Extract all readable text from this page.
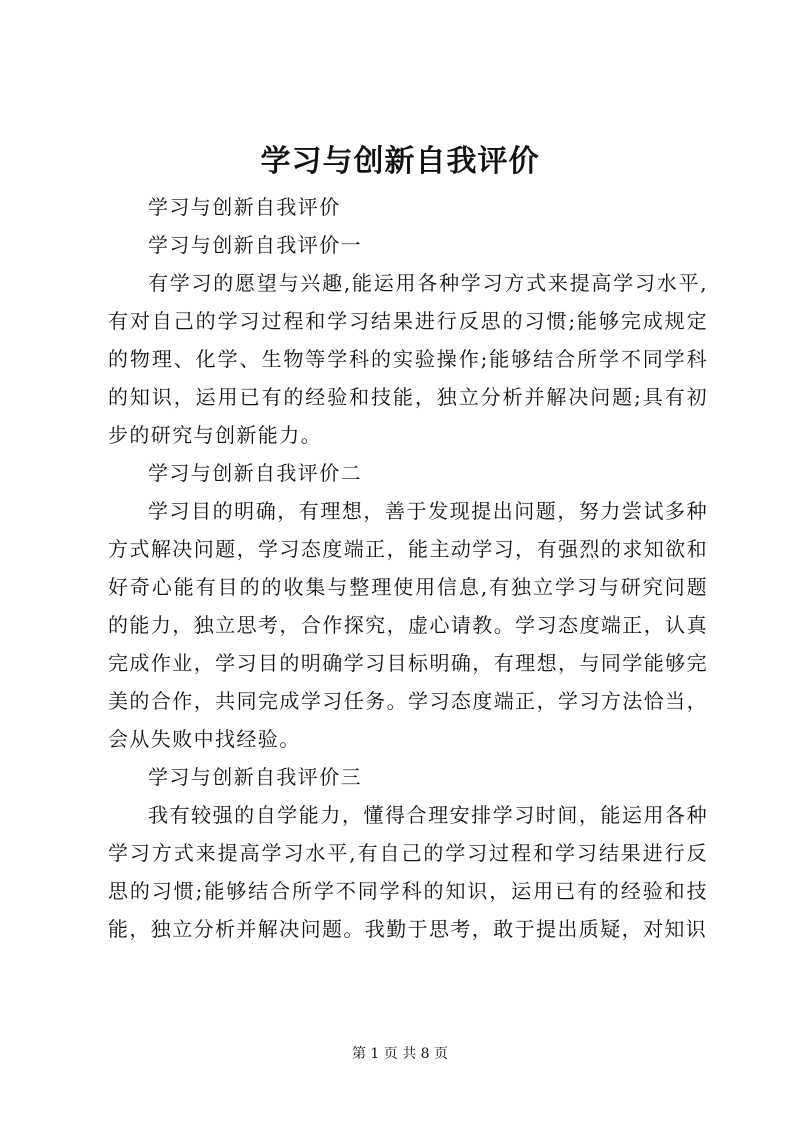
学习与创新自我评价

学习与创新自我评价

学习与创新自我评价一

有学习的愿望与兴趣,能运用各种学习方式来提高学习水平,有对自己的学习过程和学习结果进行反思的习惯;能够完成规定的物理、化学、生物等学科的实验操作;能够结合所学不同学科的知识，运用已有的经验和技能，独立分析并解决问题;具有初步的研究与创新能力。

学习与创新自我评价二

学习目的明确，有理想，善于发现提出问题，努力尝试多种方式解决问题，学习态度端正，能主动学习，有强烈的求知欲和好奇心能有目的的收集与整理使用信息,有独立学习与研究问题的能力，独立思考，合作探究，虚心请教。学习态度端正，认真完成作业，学习目的明确学习目标明确，有理想，与同学能够完美的合作，共同完成学习任务。学习态度端正，学习方法恰当，会从失败中找经验。

学习与创新自我评价三

我有较强的自学能力，懂得合理安排学习时间，能运用各种学习方式来提高学习水平,有自己的学习过程和学习结果进行反思的习惯;能够结合所学不同学科的知识，运用已有的经验和技能，独立分析并解决问题。我勤于思考，敢于提出质疑，对知识

第 1 页 共 8 页
